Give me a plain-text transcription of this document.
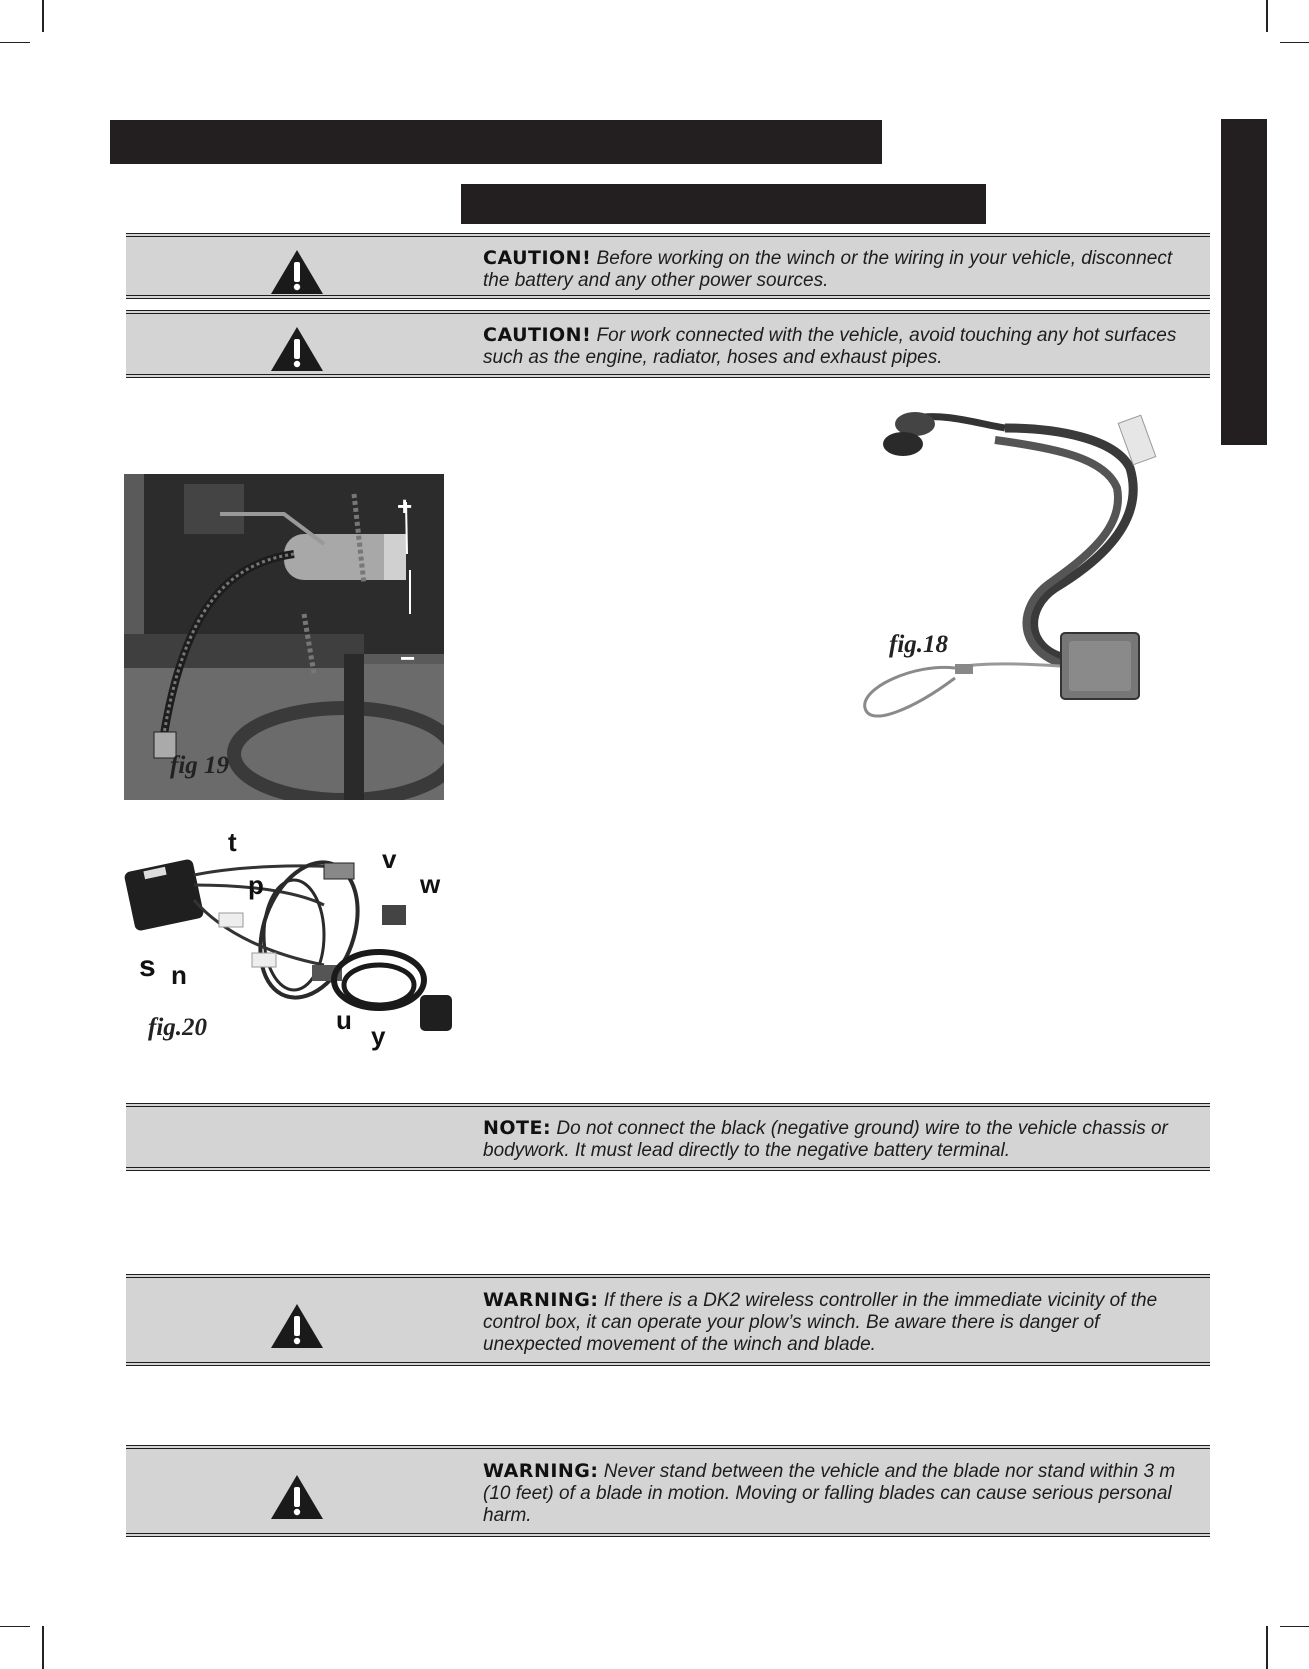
CAUTION! Before working on the winch or the wiring in your vehicle, disconnect the battery and any other power sources.
CAUTION! For work connected with the vehicle, avoid touching any hot surfaces such as the engine, radiator, hoses and exhaust pipes.
fig.18
+
−
fig 19
t
v
p	w
s n
u
y
fig.20
NOTE: Do not connect the black (negative ground) wire to the vehicle chassis or bodywork. It must lead directly to the negative battery terminal.
WARNING: If there is a DK2 wireless controller in the immediate vicinity of the control box, it can operate your plow’s winch. Be aware there is danger of unexpected movement of the winch and blade.
WARNING: Never stand between the vehicle and the blade nor stand within 3 m (10 feet) of a blade in motion. Moving or falling blades can cause serious personal harm.
